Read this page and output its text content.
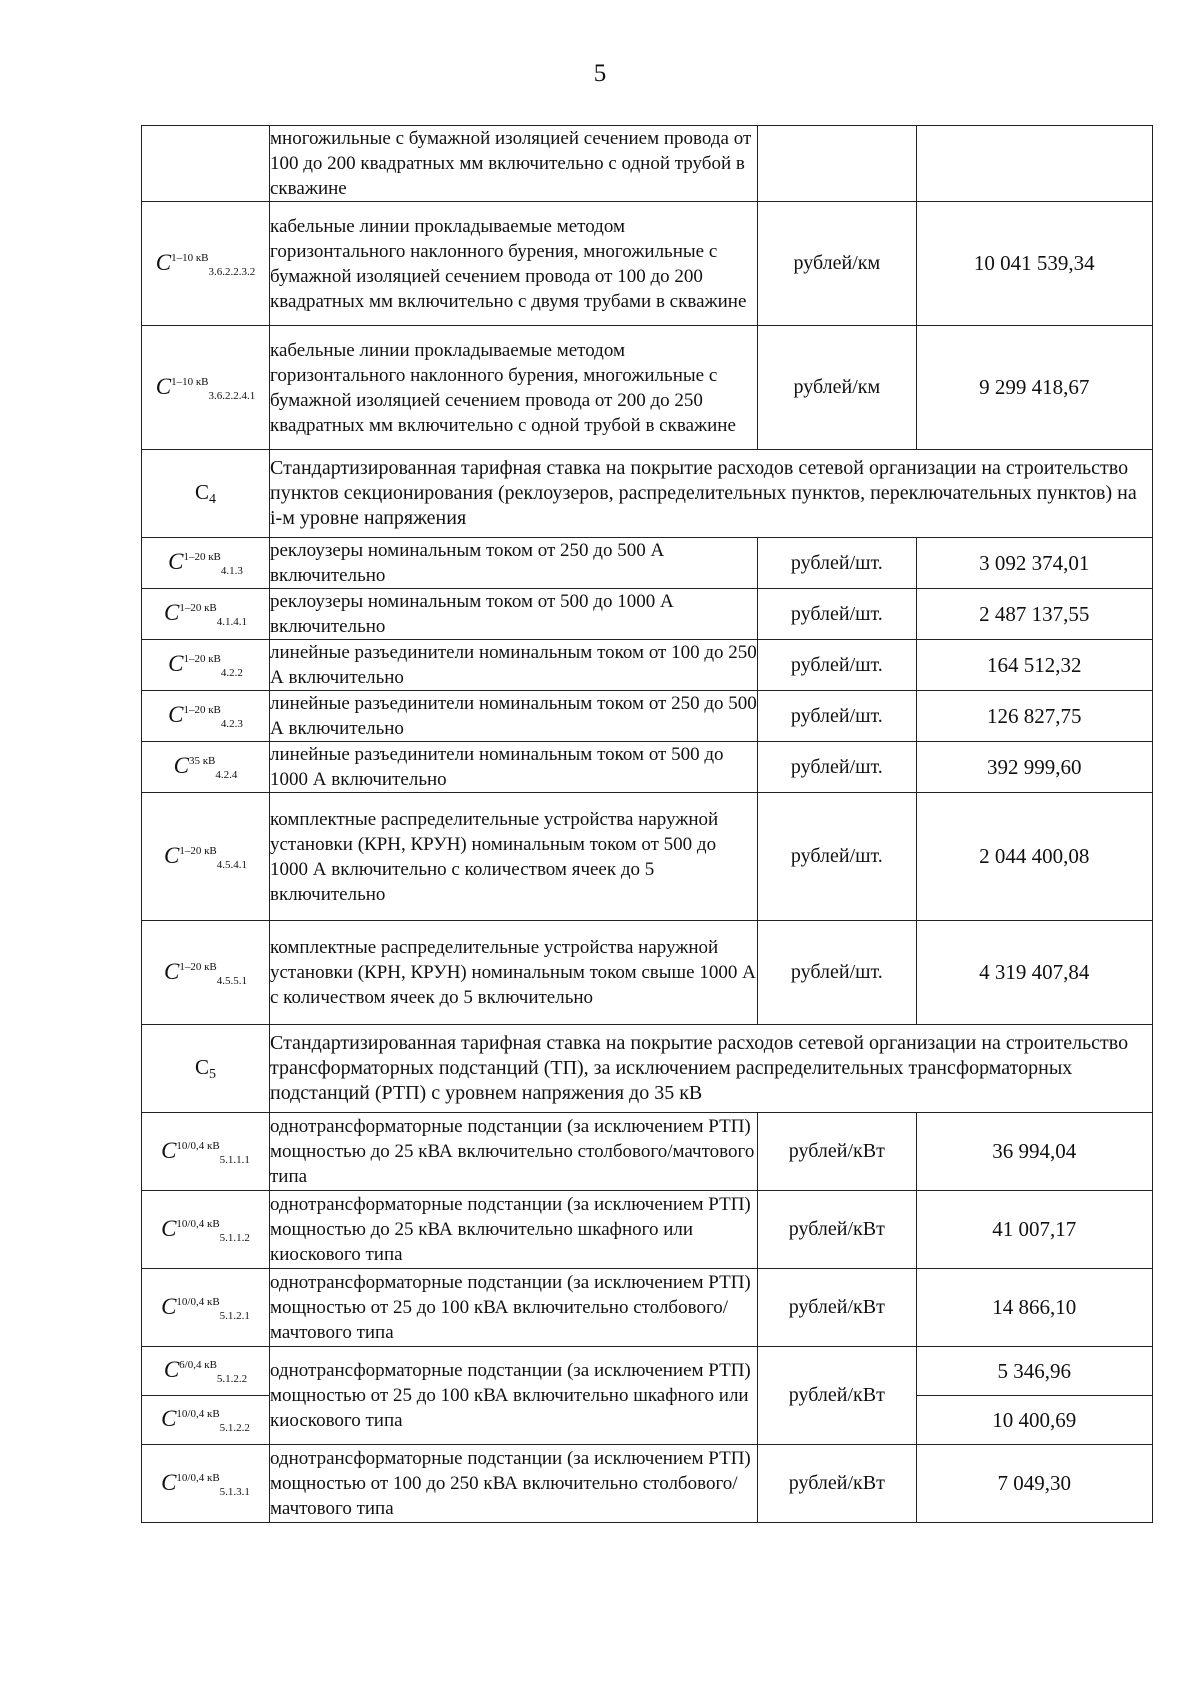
5
	многожильные с бумажной изоляцией сечением провода от 100 до 200 квадратных мм включительно с одной трубой в скважине		
$C^{1-10 кВ}_{3.6.2.2.3.2}$	кабельные линии прокладываемые методом горизонтального наклонного бурения, многожильные с бумажной изоляцией сечением провода от 100 до 200 квадратных мм включительно с двумя трубами в скважине	рублей/км	10 041 539,34
$C^{1-10 кВ}_{3.6.2.2.4.1}$	кабельные линии прокладываемые методом горизонтального наклонного бурения, многожильные с бумажной изоляцией сечением провода от 200 до 250 квадратных мм включительно с одной трубой в скважине	рублей/км	9 299 418,67
$C_4$	Стандартизированная тарифная ставка на покрытие расходов сетевой организации на строительство пунктов секционирования (реклоузеров, распределительных пунктов, переключательных пунктов) на i-м уровне напряжения		
$C^{1-20 кВ}_{4.1.3}$	реклоузеры номинальным током от 250 до 500 А включительно	рублей/шт.	3 092 374,01
$C^{1-20 кВ}_{4.1.4.1}$	реклоузеры номинальным током от 500 до 1000 А включительно	рублей/шт.	2 487 137,55
$C^{1-20 кВ}_{4.2.2}$	линейные разъединители номинальным током от 100 до 250 А включительно	рублей/шт.	164 512,32
$C^{1-20 кВ}_{4.2.3}$	линейные разъединители номинальным током от 250 до 500 А включительно	рублей/шт.	126 827,75
$C^{35 кВ}_{4.2.4}$	линейные разъединители номинальным током от 500 до 1000 А включительно	рублей/шт.	392 999,60
$C^{1-20 кВ}_{4.5.4.1}$	комплектные распределительные устройства наружной установки (КРН, КРУН) номинальным током от 500 до 1000 А включительно с количеством ячеек до 5 включительно	рублей/шт.	2 044 400,08
$C^{1-20 кВ}_{4.5.5.1}$	комплектные распределительные устройства наружной установки (КРН, КРУН) номинальным током свыше 1000 А с количеством ячеек до 5 включительно	рублей/шт.	4 319 407,84
$C_5$	Стандартизированная тарифная ставка на покрытие расходов сетевой организации на строительство трансформаторных подстанций (ТП), за исключением распределительных трансформаторных подстанций (РТП) с уровнем напряжения до 35 кВ		
$C^{10/0,4 кВ}_{5.1.1.1}$	однотрансформаторные подстанции (за исключением РТП) мощностью до 25 кВА включительно столбового/мачтового типа	рублей/кВт	36 994,04
$C^{10/0,4 кВ}_{5.1.1.2}$	однотрансформаторные подстанции (за исключением РТП) мощностью до 25 кВА включительно шкафного или киоскового типа	рублей/кВт	41 007,17
$C^{10/0,4 кВ}_{5.1.2.1}$	однотрансформаторные подстанции (за исключением РТП) мощностью от 25 до 100 кВА включительно столбового/мачтового типа	рублей/кВт	14 866,10
$C^{6/0,4 кВ}_{5.1.2.2}$	однотрансформаторные подстанции (за исключением РТП) мощностью от 25 до 100 кВА включительно шкафного или киоскового типа	рублей/кВт	5 346,96
$C^{10/0,4 кВ}_{5.1.2.2}$			10 400,69
$C^{10/0,4 кВ}_{5.1.3.1}$	однотрансформаторные подстанции (за исключением РТП) мощностью от 100 до 250 кВА включительно столбового/мачтового типа	рублей/кВт	7 049,30
